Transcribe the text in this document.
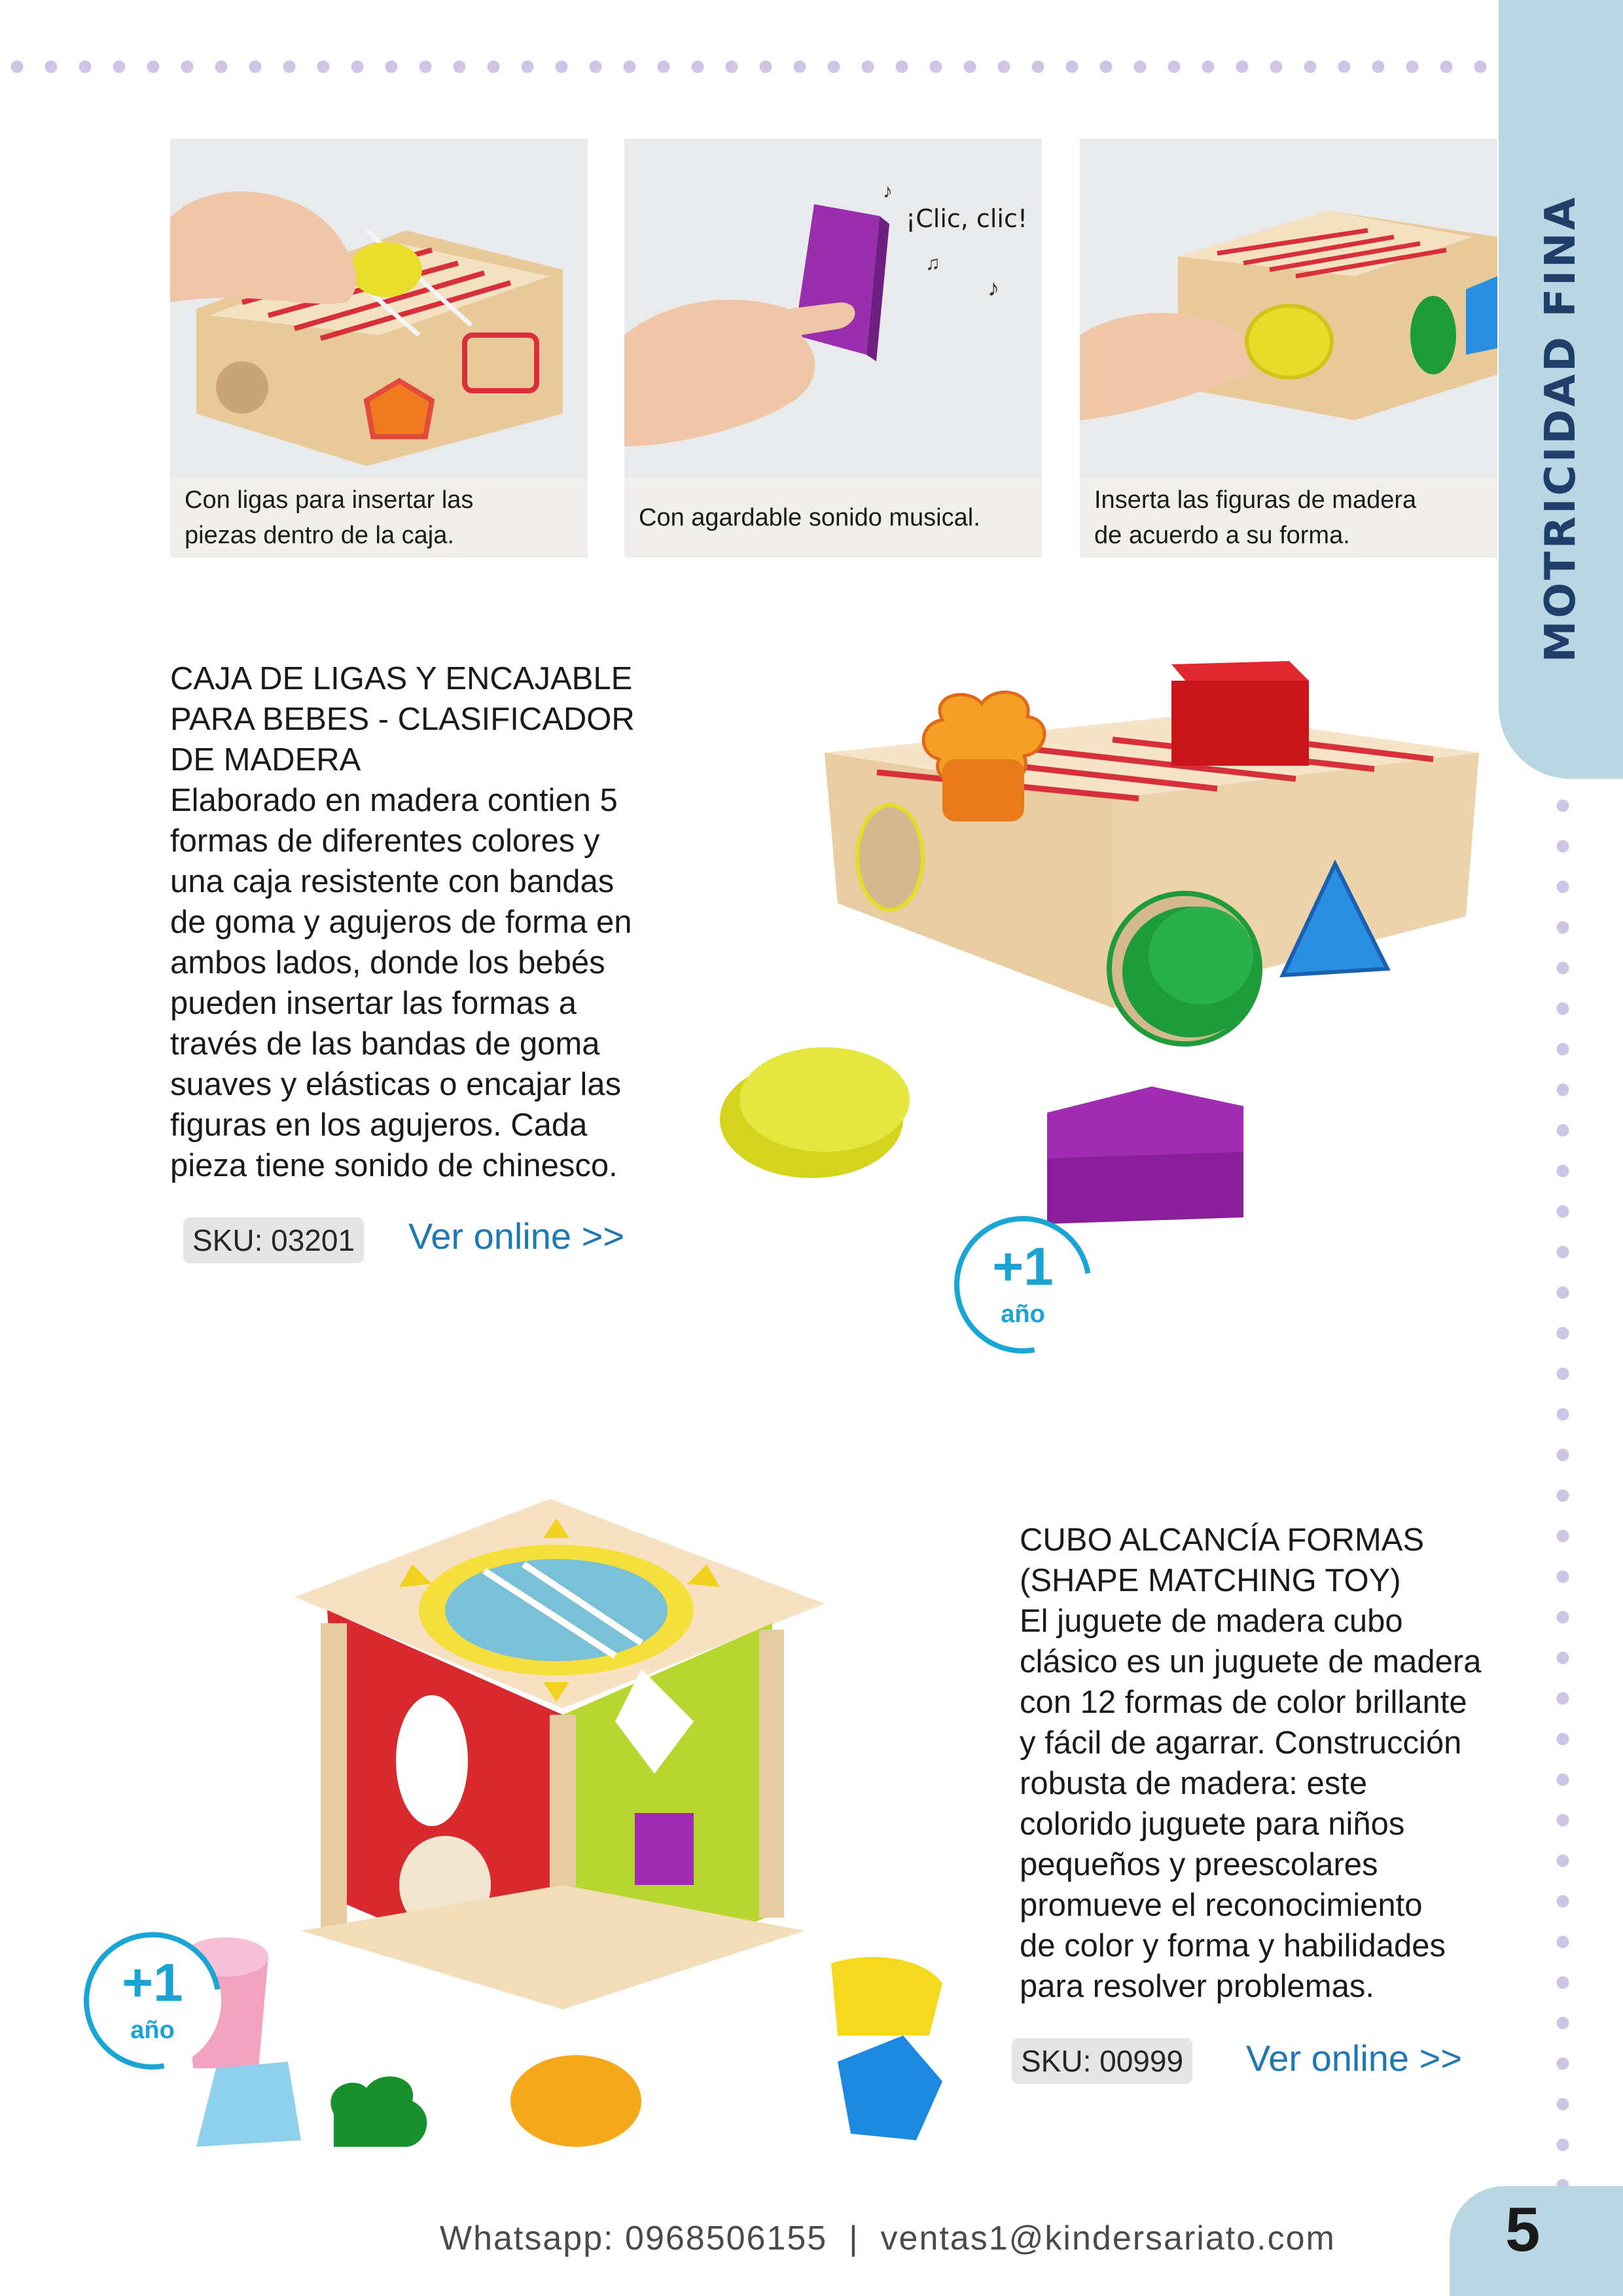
MOTRICIDAD FINA
Con ligas para insertar las
piezas dentro de la caja.
¡Clic, clic!
♪
♫
♪
Con agardable sonido musical.
Inserta las figuras de madera
de acuerdo a su forma.
CAJA DE LIGAS Y ENCAJABLE
PARA BEBES - CLASIFICADOR
DE MADERA
Elaborado en madera contien 5
formas de diferentes colores y
una caja resistente con bandas
de goma y agujeros de forma en
ambos lados, donde los bebés
pueden insertar las formas a
través de las bandas de goma
suaves y elásticas o encajar las
figuras en los agujeros. Cada
pieza tiene sonido de chinesco.
SKU: 03201 Ver online >>
+1
año
+1
año
CUBO ALCANCÍA FORMAS
(SHAPE MATCHING TOY)
El juguete de madera cubo
clásico es un juguete de madera
con 12 formas de color brillante
y fácil de agarrar. Construcción
robusta de madera: este
colorido juguete para niños
pequeños y preescolares
promueve el reconocimiento
de color y forma y habilidades
para resolver problemas.
SKU: 00999 Ver online >>
Whatsapp: 0968506155  |  ventas1@kindersariato.com	5
